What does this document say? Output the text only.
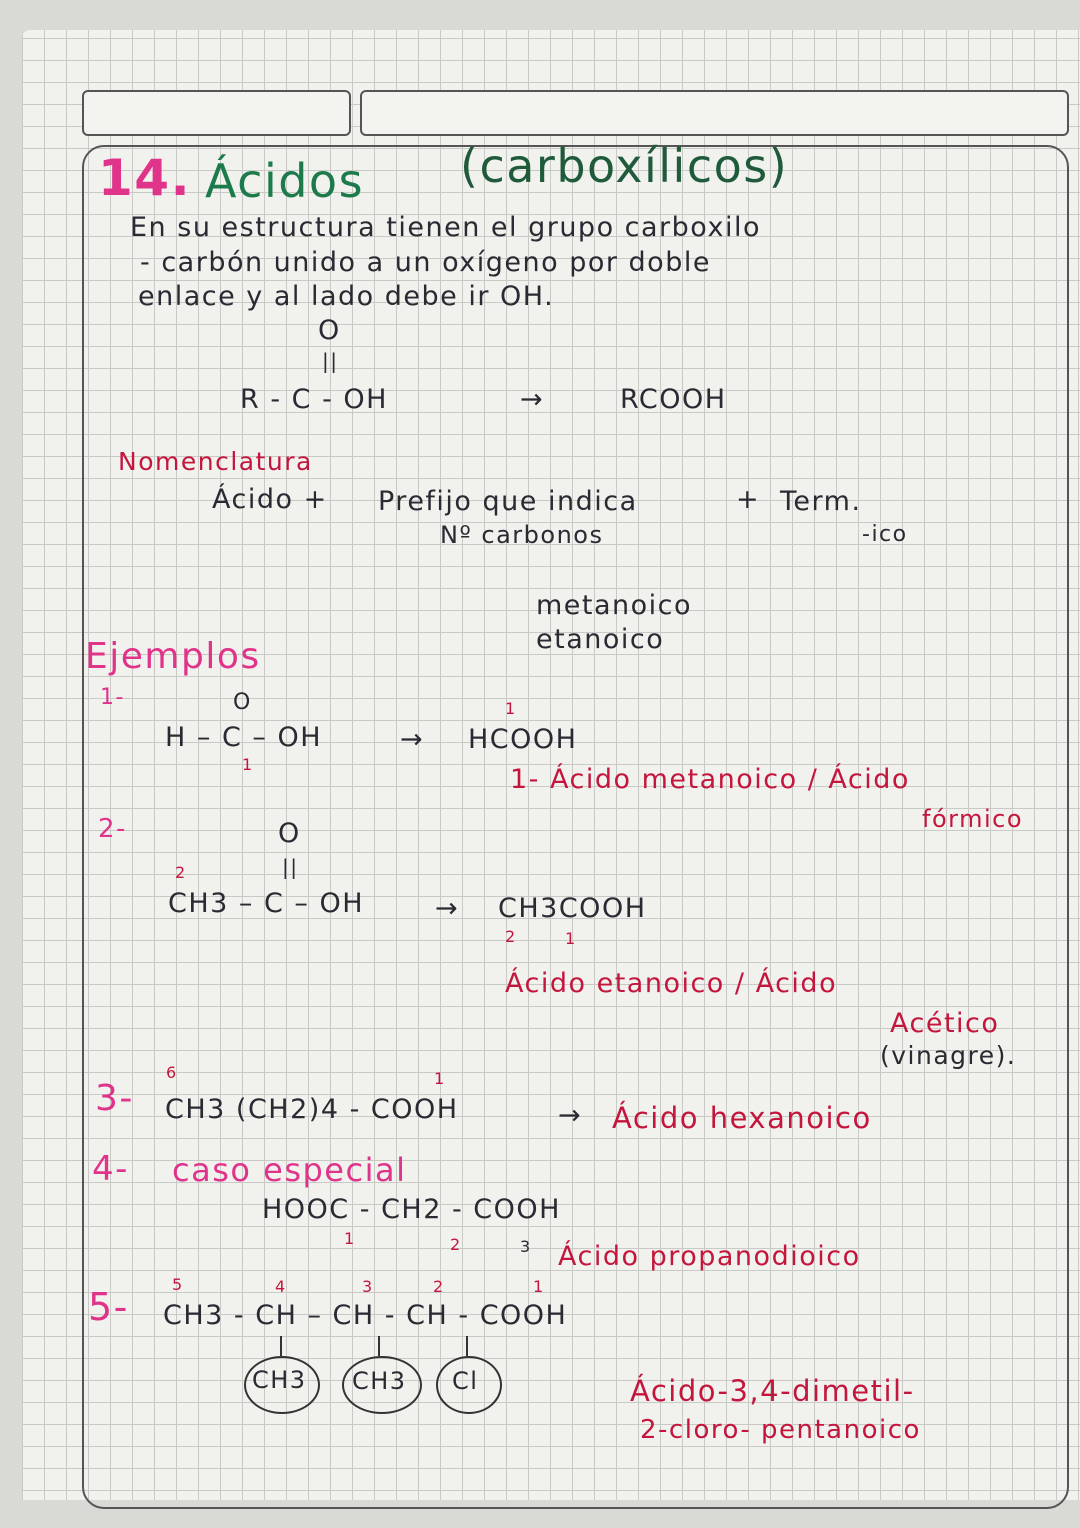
14. Ácidos (carboxílicos)
En su estructura tienen el grupo carboxilo
- carbón unido a un oxígeno por doble
enlace y al lado debe ir OH.
O
||
R - C - OH	→	RCOOH
Nomenclatura
Ácido + Prefijo que indica	+ Term.
Nº carbonos	-ico
metanoico
etanoico
Ejemplos
1-	O
H – C – OH
1
→
1
HCOOH
1- Ácido metanoico / Ácido
fórmico
2-	O
||
2
CH3 – C – OH	→ CH3COOH
2	1
Ácido etanoico / Ácido
Acético
(vinagre).
3-
6	1
CH3 (CH2)4 - COOH	→ Ácido hexanoico
4- caso especial
HOOC - CH2 - COOH
1	2	3 Ácido propanodioico
5-
5	4	3	2	1
CH3 - CH – CH - CH - COOH
CH3 CH3 Cl	Ácido-3,4-dimetil-
2-cloro- pentanoico
